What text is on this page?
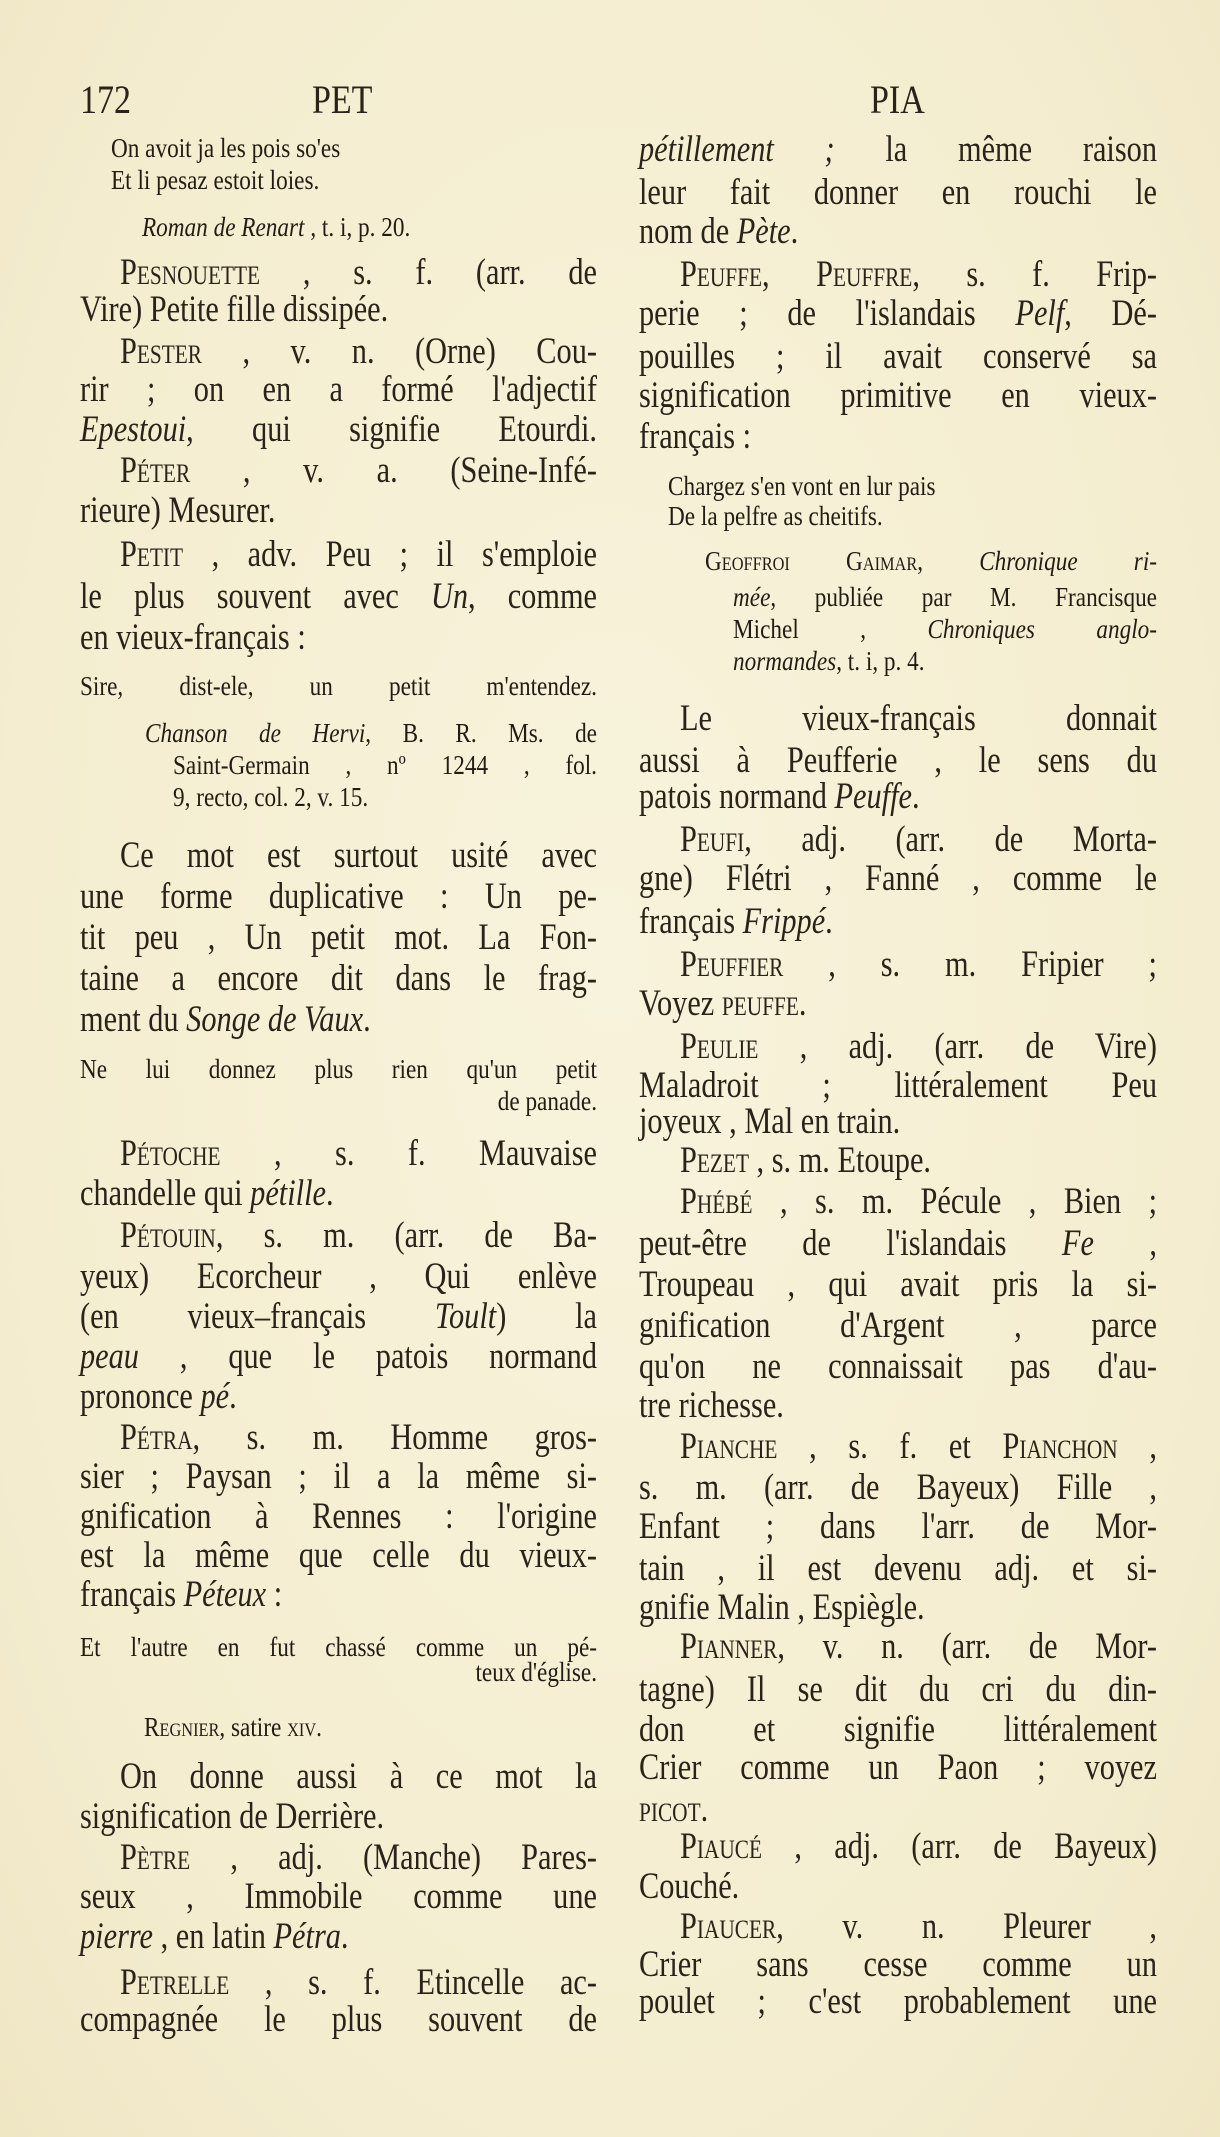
172	PET	PIA
On avoit ja les pois so'es
Et li pesaz estoit loies.
Roman de Renart , t. i, p. 20.
Pesnouette , s. f. (arr. de
Vire) Petite fille dissipée.
Pester , v. n. (Orne) Cou-
rir ; on en a formé l'adjectif
Epestoui, qui signifie Etourdi.
Péter , v. a. (Seine-Infé-
rieure) Mesurer.
Petit , adv. Peu ; il s'emploie
le plus souvent avec Un, comme
en vieux-français :
Sire, dist-ele, un petit m'entendez.
Chanson de Hervi, B. R. Ms. de
Saint-Germain , nº 1244 , fol.
9, recto, col. 2, v. 15.
Ce mot est surtout usité avec
une forme duplicative : Un pe-
tit peu , Un petit mot. La Fon-
taine a encore dit dans le frag-
ment du Songe de Vaux.
Ne lui donnez plus rien qu'un petit
de panade.
Pétoche , s. f. Mauvaise
chandelle qui pétille.
Pétouin, s. m. (arr. de Ba-
yeux) Ecorcheur , Qui enlève
(en vieux–français Toult) la
peau , que le patois normand
prononce pé.
Pétra, s. m. Homme gros-
sier ; Paysan ; il a la même si-
gnification à Rennes : l'origine
est la même que celle du vieux-
français Péteux :
Et l'autre en fut chassé comme un pé-
teux d'église.
Regnier, satire xiv.
On donne aussi à ce mot la
signification de Derrière.
Pètre , adj. (Manche) Pares-
seux , Immobile comme une
pierre , en latin Pétra.
Petrelle , s. f. Etincelle ac-
compagnée le plus souvent de
pétillement ; la même raison
leur fait donner en rouchi le
nom de Pète.
Peuffe, Peuffre, s. f. Frip-
perie ; de l'islandais Pelf, Dé-
pouilles ; il avait conservé sa
signification primitive en vieux-
français :
Chargez s'en vont en lur pais
De la pelfre as cheitifs.
Geoffroi Gaimar, Chronique ri-
mée, publiée par M. Francisque
Michel , Chroniques anglo-
normandes, t. i, p. 4.
Le vieux-français donnait
aussi à Peufferie , le sens du
patois normand Peuffe.
Peufi, adj. (arr. de Morta-
gne) Flétri , Fanné , comme le
français Frippé.
Peuffier , s. m. Fripier ;
Voyez peuffe.
Peulie , adj. (arr. de Vire)
Maladroit ; littéralement Peu
joyeux , Mal en train.
Pezet , s. m. Etoupe.
Phébé , s. m. Pécule , Bien ;
peut-être de l'islandais Fe ,
Troupeau , qui avait pris la si-
gnification d'Argent , parce
qu'on ne connaissait pas d'au-
tre richesse.
Pianche , s. f. et Pianchon ,
s. m. (arr. de Bayeux) Fille ,
Enfant ; dans l'arr. de Mor-
tain , il est devenu adj. et si-
gnifie Malin , Espiègle.
Pianner, v. n. (arr. de Mor-
tagne) Il se dit du cri du din-
don et signifie littéralement
Crier comme un Paon ; voyez
picot.
Piaucé , adj. (arr. de Bayeux)
Couché.
Piaucer, v. n. Pleurer ,
Crier sans cesse comme un
poulet ; c'est probablement une
